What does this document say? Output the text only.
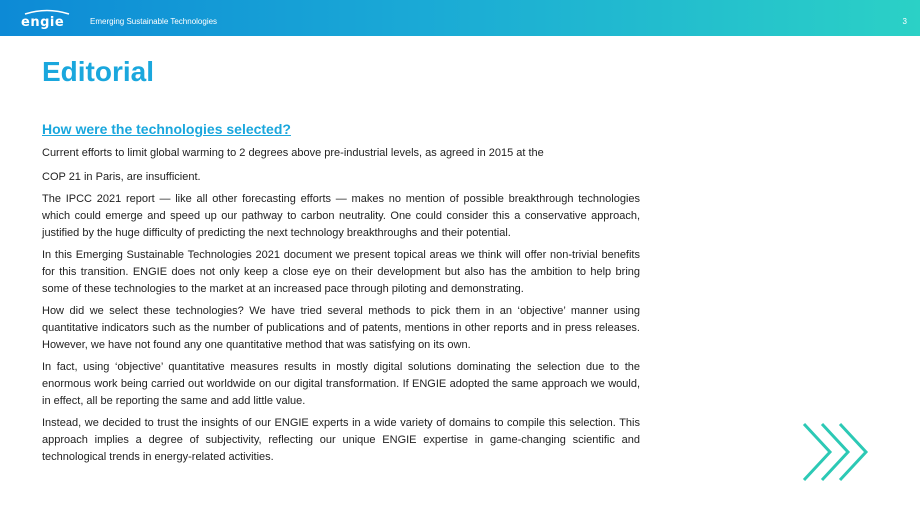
engie	Emerging Sustainable Technologies	3
Editorial
How were the technologies selected?

Current efforts to limit global warming to 2 degrees above pre-industrial levels, as agreed in 2015 at the

COP 21 in Paris, are insufficient.

The IPCC 2021 report — like all other forecasting efforts — makes no mention of possible breakthrough technologies which could emerge and speed up our pathway to carbon neutrality. One could consider this a conservative approach, justified by the huge difficulty of predicting the next technology breakthroughs and their potential.

In this Emerging Sustainable Technologies 2021 document we present topical areas we think will offer non-trivial benefits for this transition. ENGIE does not only keep a close eye on their development but also has the ambition to help bring some of these technologies to the market at an increased pace through piloting and demonstrating.

How did we select these technologies? We have tried several methods to pick them in an ‘objective’ manner using quantitative indicators such as the number of publications and of patents, mentions in other reports and in press releases. However, we have not found any one quantitative method that was satisfying on its own.

In fact, using ‘objective’ quantitative measures results in mostly digital solutions dominating the selection due to the enormous work being carried out worldwide on our digital transformation. If ENGIE adopted the same approach we would, in effect, all be reporting the same and add little value.

Instead, we decided to trust the insights of our ENGIE experts in a wide variety of domains to compile this selection. This approach implies a degree of subjectivity, reflecting our unique ENGIE expertise in game-changing scientific and technological trends in energy-related activities.
